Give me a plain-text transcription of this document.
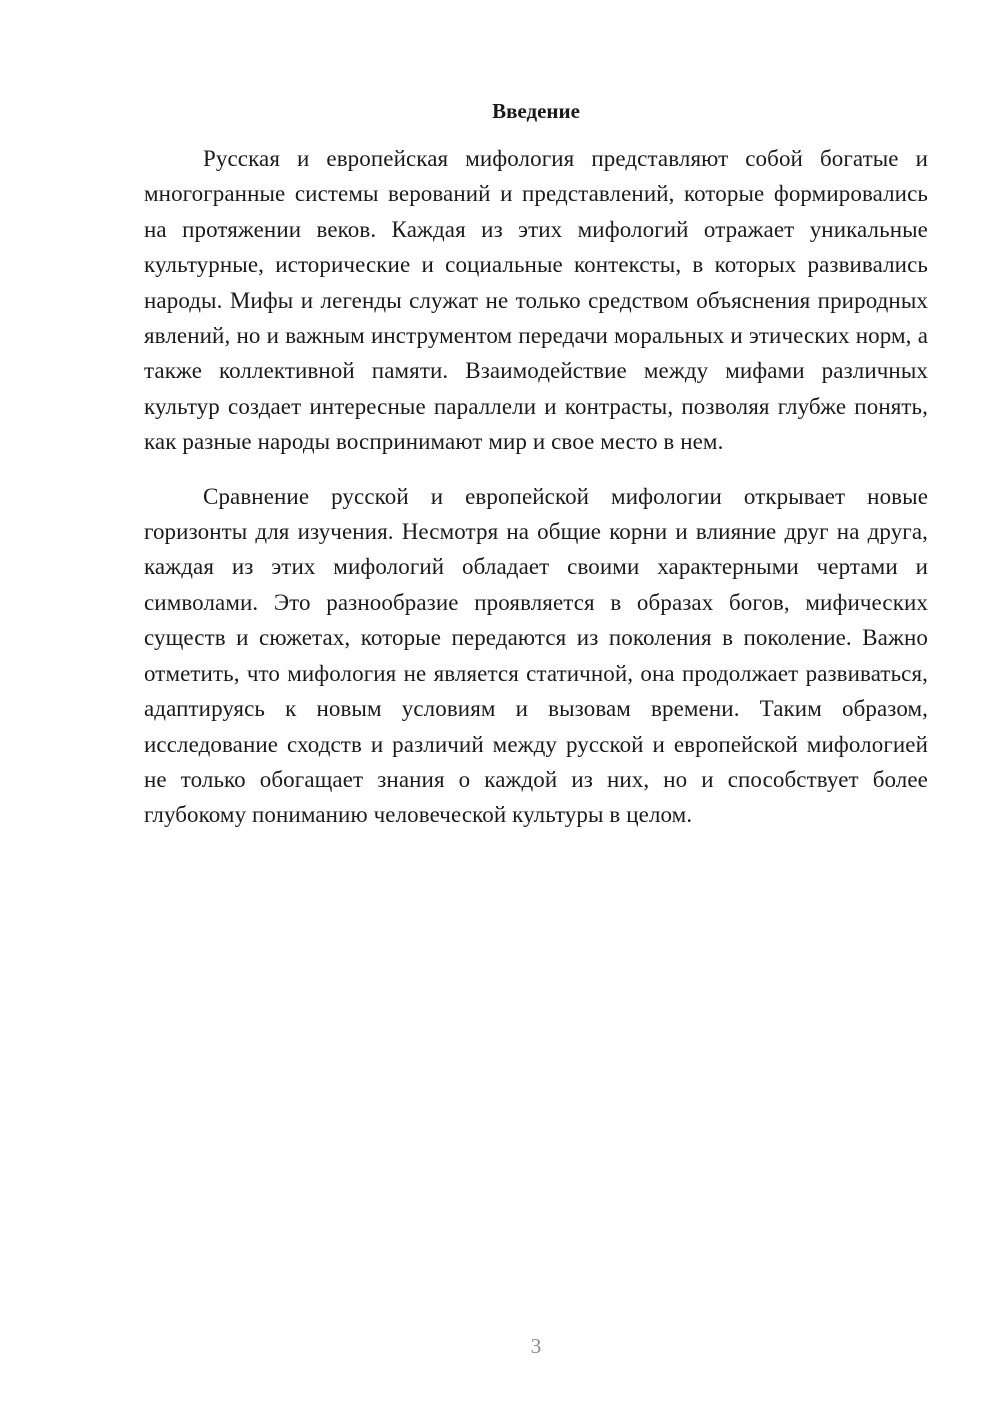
Введение

Русская и европейская мифология представляют собой богатые и многогранные системы верований и представлений, которые формировались на протяжении веков. Каждая из этих мифологий отражает уникальные культурные, исторические и социальные контексты, в которых развивались народы. Мифы и легенды служат не только средством объяснения природных явлений, но и важным инструментом передачи моральных и этических норм, а также коллективной памяти. Взаимодействие между мифами различных культур создает интересные параллели и контрасты, позволяя глубже понять, как разные народы воспринимают мир и свое место в нем.

Сравнение русской и европейской мифологии открывает новые горизонты для изучения. Несмотря на общие корни и влияние друг на друга, каждая из этих мифологий обладает своими характерными чертами и символами. Это разнообразие проявляется в образах богов, мифических существ и сюжетах, которые передаются из поколения в поколение. Важно отметить, что мифология не является статичной, она продолжает развиваться, адаптируясь к новым условиям и вызовам времени. Таким образом, исследование сходств и различий между русской и европейской мифологией не только обогащает знания о каждой из них, но и способствует более глубокому пониманию человеческой культуры в целом.

3
